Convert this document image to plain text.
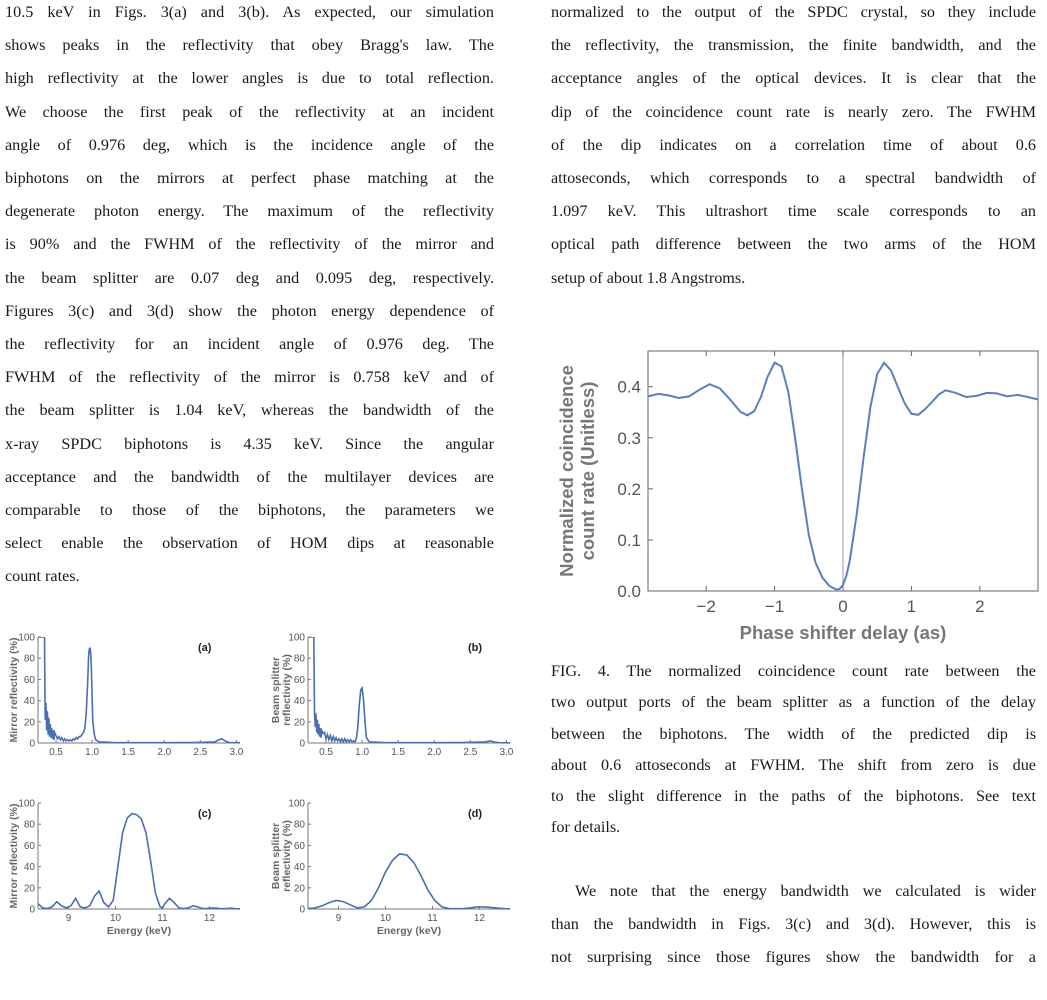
10.5 keV in Figs. 3(a) and 3(b). As expected, our simulation
shows peaks in the reflectivity that obey Bragg's law. The
high reflectivity at the lower angles is due to total reflection.
We choose the first peak of the reflectivity at an incident
angle of 0.976 deg, which is the incidence angle of the
biphotons on the mirrors at perfect phase matching at the
degenerate photon energy. The maximum of the reflectivity
is 90% and the FWHM of the reflectivity of the mirror and
the beam splitter are 0.07 deg and 0.095 deg, respectively.
Figures 3(c) and 3(d) show the photon energy dependence of
the reflectivity for an incident angle of 0.976 deg. The
FWHM of the reflectivity of the mirror is 0.758 keV and of
the beam splitter is 1.04 keV, whereas the bandwidth of the
x-ray SPDC biphotons is 4.35 keV. Since the angular
acceptance and the bandwidth of the multilayer devices are
comparable to those of the biphotons, the parameters we
select enable the observation of HOM dips at reasonable
count rates.
normalized to the output of the SPDC crystal, so they include
the reflectivity, the transmission, the finite bandwidth, and the
acceptance angles of the optical devices. It is clear that the
dip of the coincidence count rate is nearly zero. The FWHM
of the dip indicates on a correlation time of about 0.6
attoseconds, which corresponds to a spectral bandwidth of
1.097 keV. This ultrashort time scale corresponds to an
optical path difference between the two arms of the HOM
setup of about 1.8 Angstroms.
−2	−1	0	1	2
0.0
0.1
0.2
0.3
0.4
Phase shifter delay (as)
Normalized coincidence count rate (Unitless)
FIG. 4. The normalized coincidence count rate between the
two output ports of the beam splitter as a function of the delay
between the biphotons. The width of the predicted dip is
about 0.6 attoseconds at FWHM. The shift from zero is due
to the slight difference in the paths of the biphotons. See text
for details.
We note that the energy bandwidth we calculated is wider
than the bandwidth in Figs. 3(c) and 3(d). However, this is
not surprising since those figures show the bandwidth for a
0
20
40
60
80
100
0.5 1.0 1.5 2.0 2.5 3.0
(a)
Mirror reflectivity (%)
0
20
40
60
80
100
0.5 1.0 1.5 2.0 2.5 3.0
(b)
Beam splitter reflectivity (%)
0
20
40
60
80
100
9	10	11	12
(c)
Mirror reflectivity (%)
Energy (keV)
0
20
40
60
80
100
9	10	11	12
(d)
Beam splitter reflectivity (%)
Energy (keV)
